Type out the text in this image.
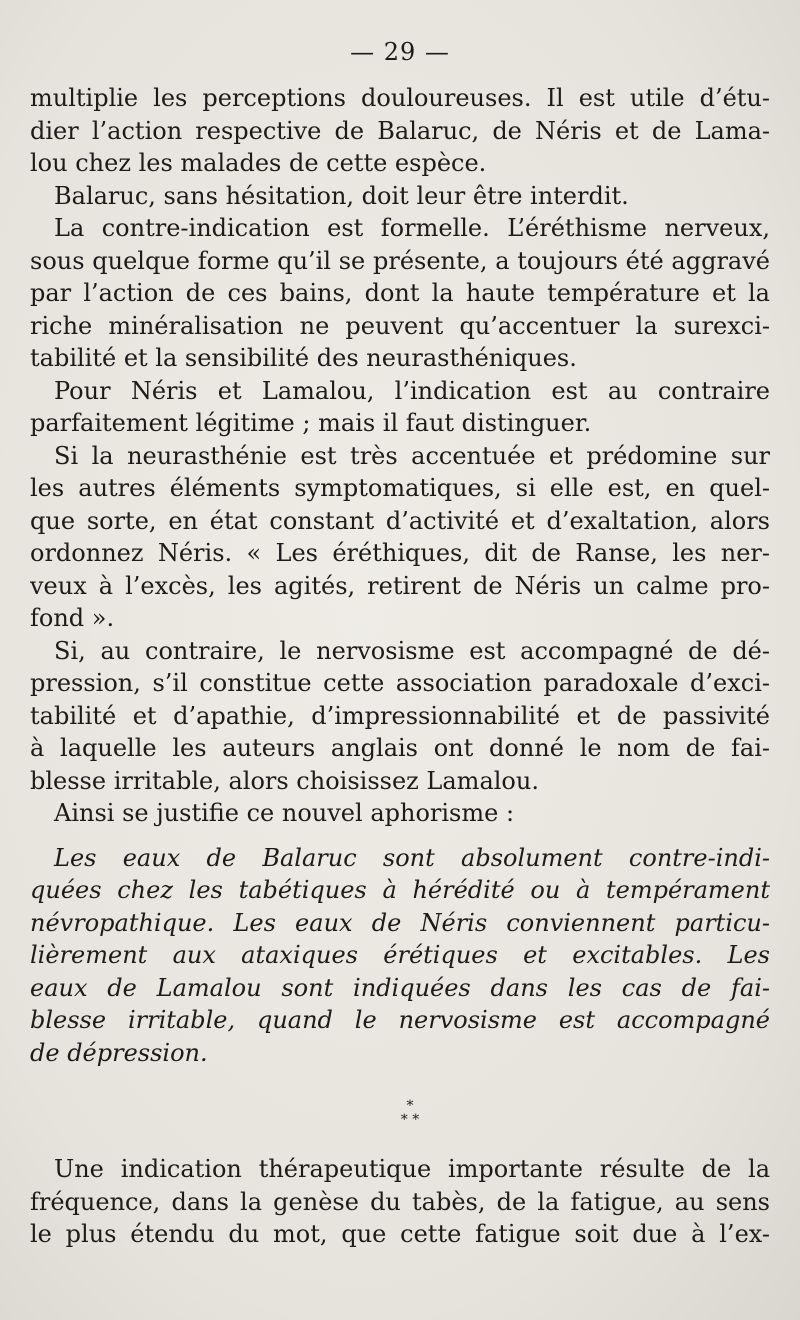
— 29 —
multiplie les perceptions douloureuses. Il est utile d’étu-
dier l’action respective de Balaruc, de Néris et de Lama-
lou chez les malades de cette espèce.
Balaruc, sans hésitation, doit leur être interdit.
La contre-indication est formelle. L’éréthisme nerveux,
sous quelque forme qu’il se présente, a toujours été aggravé
par l’action de ces bains, dont la haute température et la
riche minéralisation ne peuvent qu’accentuer la surexci-
tabilité et la sensibilité des neurasthéniques.
Pour Néris et Lamalou, l’indication est au contraire
parfaitement légitime ; mais il faut distinguer.
Si la neurasthénie est très accentuée et prédomine sur
les autres éléments symptomatiques, si elle est, en quel-
que sorte, en état constant d’activité et d’exaltation, alors
ordonnez Néris. « Les éréthiques, dit de Ranse, les ner-
veux à l’excès, les agités, retirent de Néris un calme pro-
fond ».
Si, au contraire, le nervosisme est accompagné de dé-
pression, s’il constitue cette association paradoxale d’exci-
tabilité et d’apathie, d’impressionnabilité et de passivité
à laquelle les auteurs anglais ont donné le nom de fai-
blesse irritable, alors choisissez Lamalou.
Ainsi se justifie ce nouvel aphorisme :
Les eaux de Balaruc sont absolument contre-indi-
quées chez les tabétiques à hérédité ou à tempérament
névropathique. Les eaux de Néris conviennent particu-
lièrement aux ataxiques érétiques et excitables. Les
eaux de Lamalou sont indiquées dans les cas de fai-
blesse irritable, quand le nervosisme est accompagné
de dépression.
*
* *
Une indication thérapeutique importante résulte de la
fréquence, dans la genèse du tabès, de la fatigue, au sens
le plus étendu du mot, que cette fatigue soit due à l’ex-
